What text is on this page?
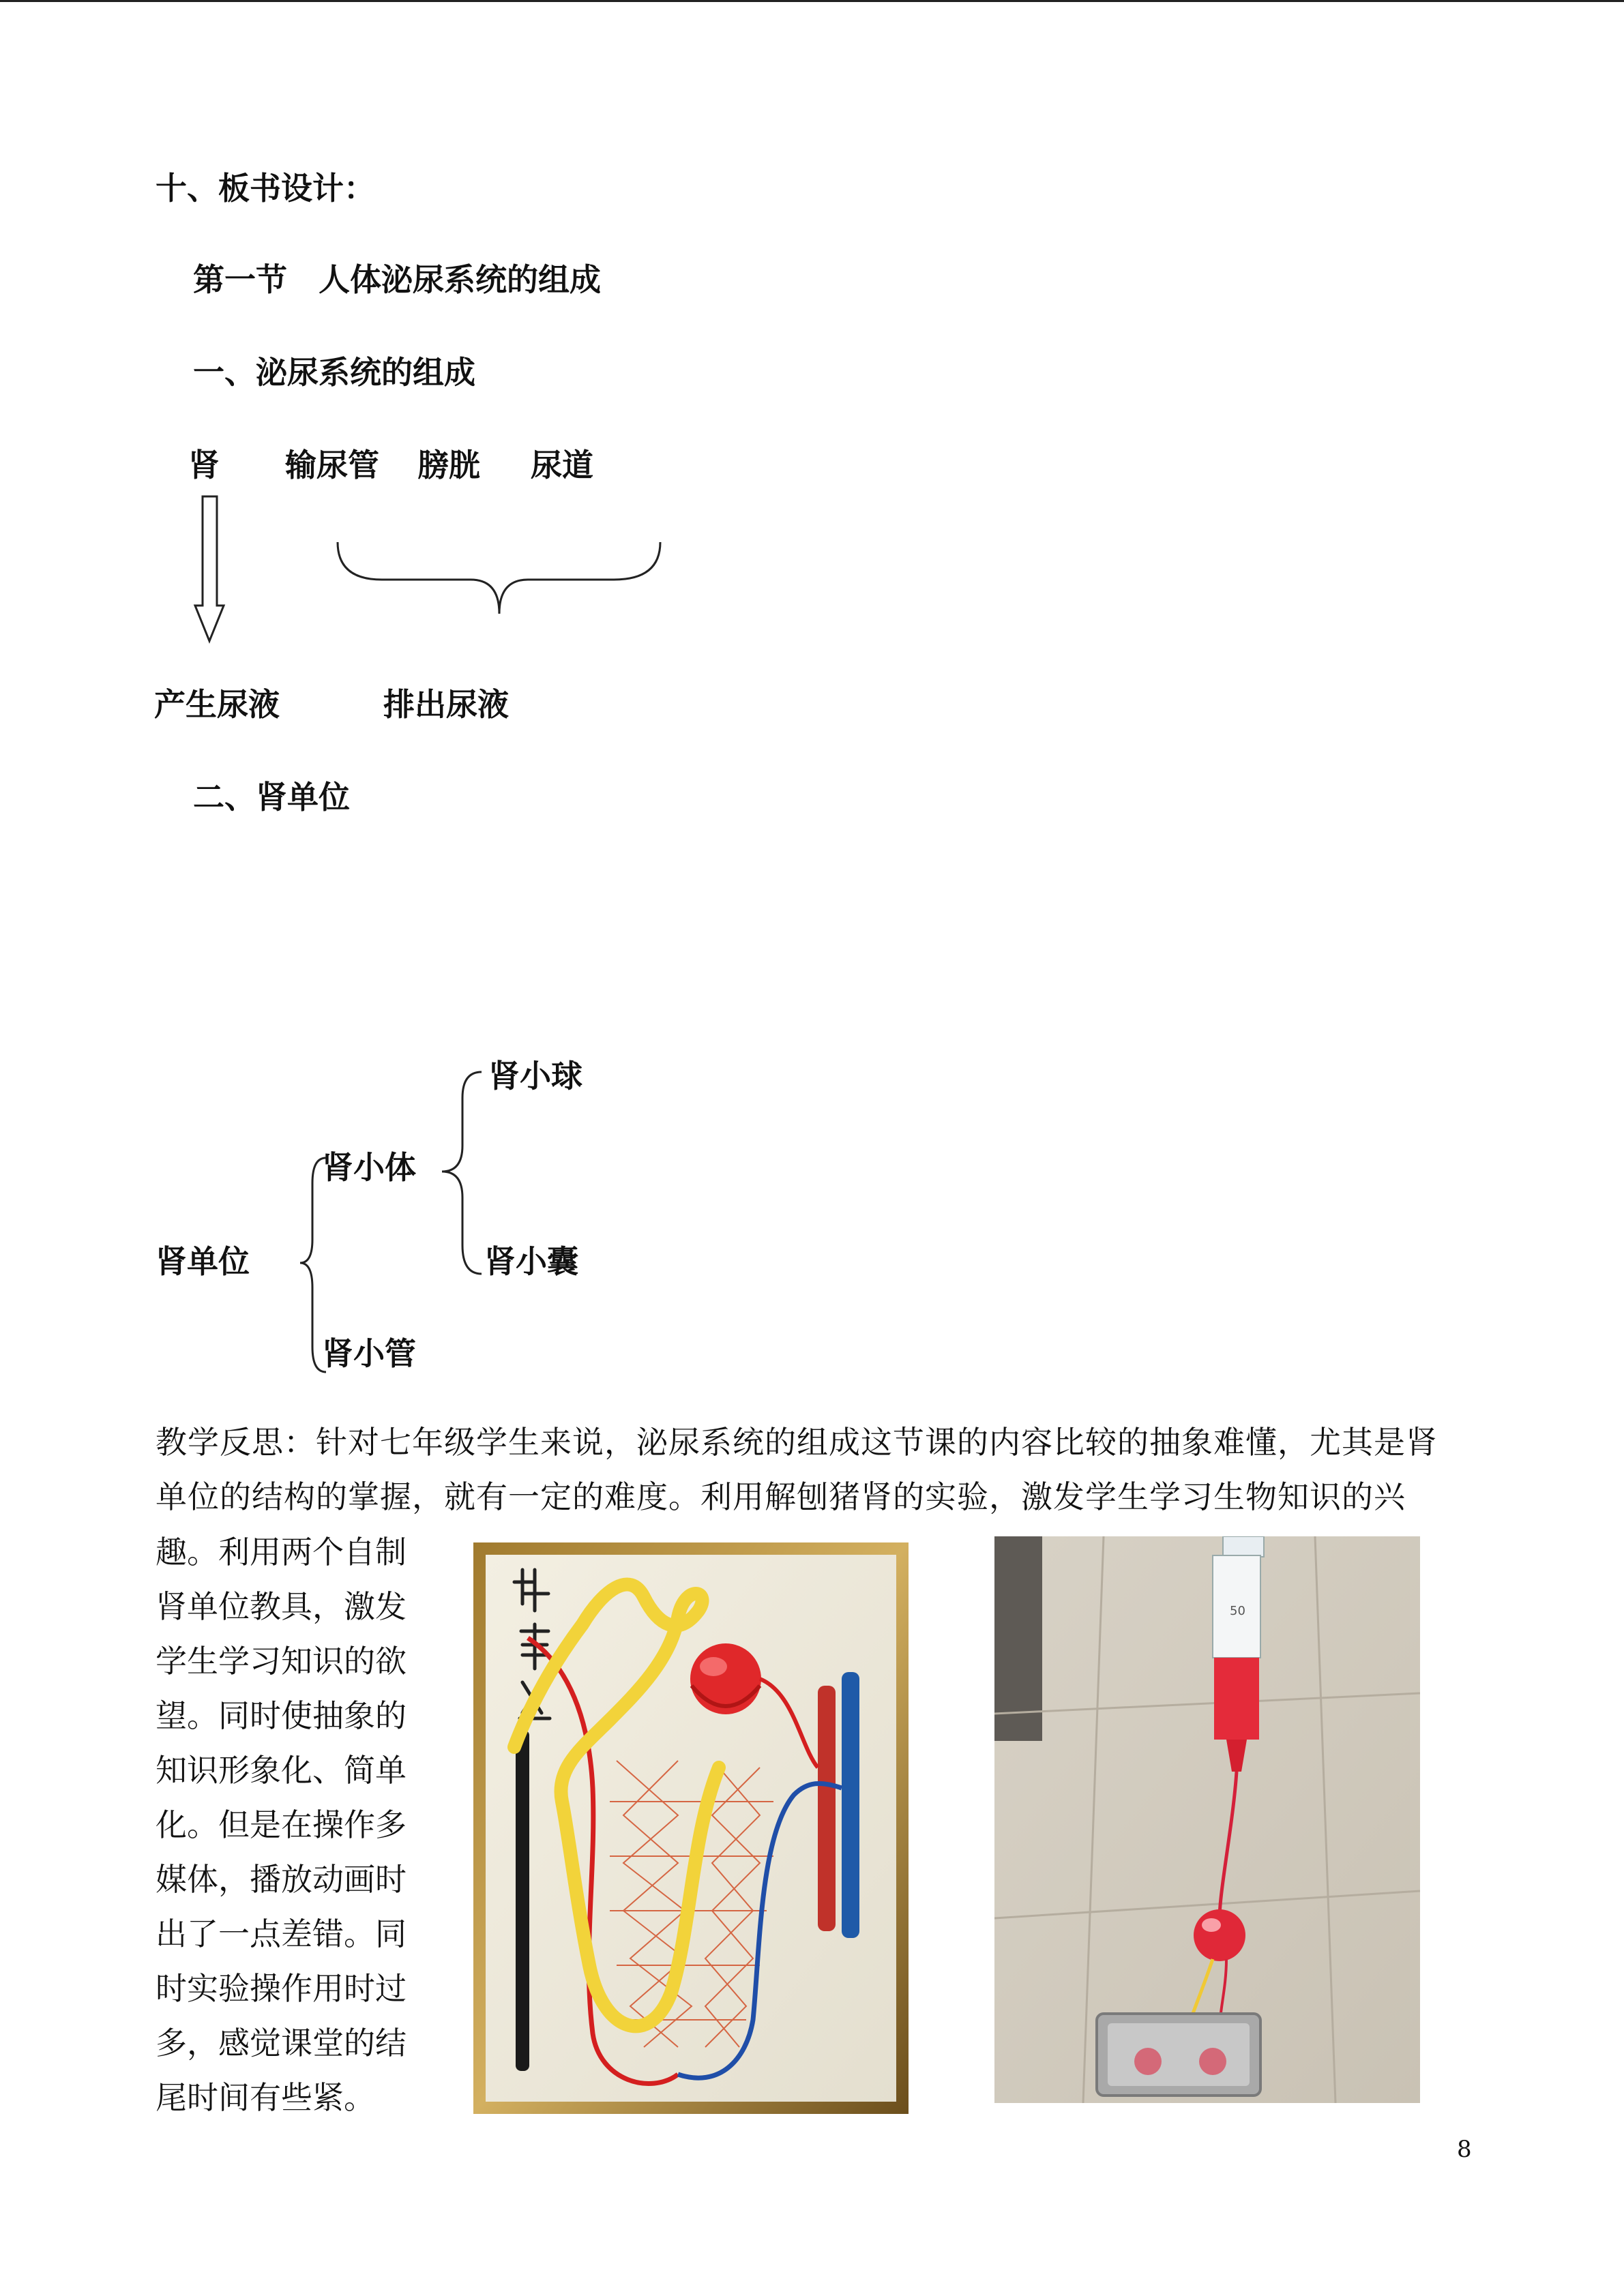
十、板书设计：
第一节　人体泌尿系统的组成
一、泌尿系统的组成
肾 输尿管 膀胱 尿道
产生尿液	排出尿液
二、肾单位
肾小球
肾小体
肾单位	肾小囊
肾小管
教学反思：针对七年级学生来说，泌尿系统的组成这节课的内容比较的抽象难懂，尤其是肾
单位的结构的掌握，就有一定的难度。利用解刨猪肾的实验，激发学生学习生物知识的兴
趣。利用两个自制
肾单位教具，激发
学生学习知识的欲
望。同时使抽象的
知识形象化、简单
化。但是在操作多
媒体，播放动画时
出了一点差错。同
时实验操作用时过
多，感觉课堂的结
尾时间有些紧。
50
8
